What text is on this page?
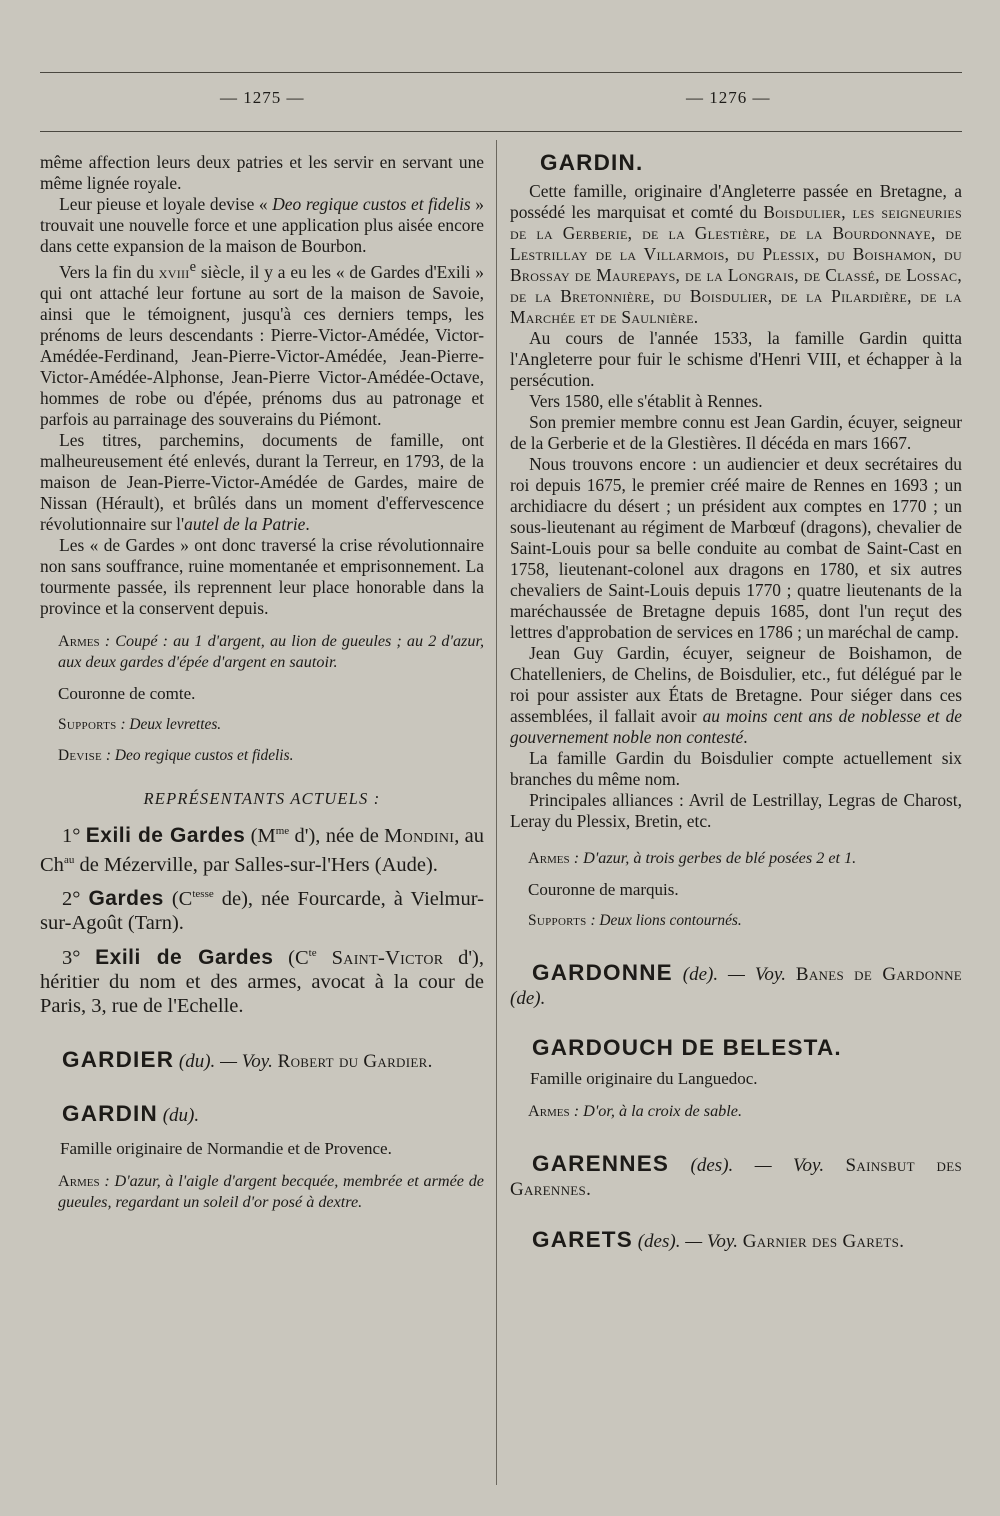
— 1275 —	— 1276 —

même affection leurs deux patries et les servir en servant une même lignée royale.

Leur pieuse et loyale devise « Deo regique custos et fidelis » trouvait une nouvelle force et une application plus aisée encore dans cette expansion de la maison de Bourbon.

Vers la fin du xviii$^e$ siècle, il y a eu les « de Gardes d'Exili » qui ont attaché leur fortune au sort de la maison de Savoie, ainsi que le témoignent, jusqu'à ces derniers temps, les prénoms de leurs descendants : Pierre-Victor-Amédée, Victor-Amédée-Ferdinand, Jean-Pierre-Victor-Amédée, Jean-Pierre-Victor-Amédée-Alphonse, Jean-Pierre Victor-Amédée-Octave, hommes de robe ou d'épée, prénoms dus au patronage et parfois au parrainage des souverains du Piémont.

Les titres, parchemins, documents de famille, ont malheureusement été enlevés, durant la Terreur, en 1793, de la maison de Jean-Pierre-Victor-Amédée de Gardes, maire de Nissan (Hérault), et brûlés dans un moment d'effervescence révolutionnaire sur l'autel de la Patrie.

Les « de Gardes » ont donc traversé la crise révolutionnaire non sans souffrance, ruine momentanée et emprisonnement. La tourmente passée, ils reprennent leur place honorable dans la province et la conservent depuis.

Armes : Coupé : au 1 d'argent, au lion de gueules ; au 2 d'azur, aux deux gardes d'épée d'argent en sautoir.

Couronne de comte.
Supports : Deux levrettes.
Devise : Deo regique custos et fidelis.
REPRÉSENTANTS ACTUELS :

1° Exili de Gardes ($M^{me}$ d'), née de Mondini, au $Ch^{au}$ de Mézerville, par Salles-sur-l'Hers (Aude).

2° Gardes ($C^{tesse}$ de), née Fourcarde, à Vielmur-sur-Agoût (Tarn).

3° Exili de Gardes ($C^{te}$ Saint-Victor d'), héritier du nom et des armes, avocat à la cour de Paris, 3, rue de l'Echelle.

GARDIER (du). — Voy. Robert du Gardier.

GARDIN (du).

Famille originaire de Normandie et de Provence.

Armes : D'azur, à l'aigle d'argent becquée, membrée et armée de gueules, regardant un soleil d'or posé à dextre.

GARDIN.

Cette famille, originaire d'Angleterre passée en Bretagne, a possédé les marquisat et comté du Boisdulier, les seigneuries de la Gerberie, de la Glestière, de la Bourdonnaye, de Lestrillay de la Villarmois, du Plessix, du Boishamon, du Brossay de Maurepays, de la Longrais, de Classé, de Lossac, de la Bretonnière, du Boisdulier, de la Pilardière, de la Marchée et de Saulnière.

Au cours de l'année 1533, la famille Gardin quitta l'Angleterre pour fuir le schisme d'Henri VIII, et échapper à la persécution.

Vers 1580, elle s'établit à Rennes.

Son premier membre connu est Jean Gardin, écuyer, seigneur de la Gerberie et de la Glestières. Il décéda en mars 1667.

Nous trouvons encore : un audiencier et deux secrétaires du roi depuis 1675, le premier créé maire de Rennes en 1693 ; un archidiacre du désert ; un président aux comptes en 1770 ; un sous-lieutenant au régiment de Marbœuf (dragons), chevalier de Saint-Louis pour sa belle conduite au combat de Saint-Cast en 1758, lieutenant-colonel aux dragons en 1780, et six autres chevaliers de Saint-Louis depuis 1770 ; quatre lieutenants de la maréchaussée de Bretagne depuis 1685, dont l'un reçut des lettres d'approbation de services en 1786 ; un maréchal de camp.

Jean Guy Gardin, écuyer, seigneur de Boishamon, de Chatelleniers, de Chelins, de Boisdulier, etc., fut délégué par le roi pour assister aux États de Bretagne. Pour siéger dans ces assemblées, il fallait avoir au moins cent ans de noblesse et de gouvernement noble non contesté.

La famille Gardin du Boisdulier compte actuellement six branches du même nom.

Principales alliances : Avril de Lestrillay, Legras de Charost, Leray du Plessix, Bretin, etc.

Armes : D'azur, à trois gerbes de blé posées 2 et 1.

Couronne de marquis.
Supports : Deux lions contournés.

GARDONNE (de). — Voy. Banes de Gardonne (de).

GARDOUCH DE BELESTA.

Famille originaire du Languedoc.

Armes : D'or, à la croix de sable.

GARENNES (des). — Voy. Sainsbut des Garennes.

GARETS (des). — Voy. Garnier des Garets.
